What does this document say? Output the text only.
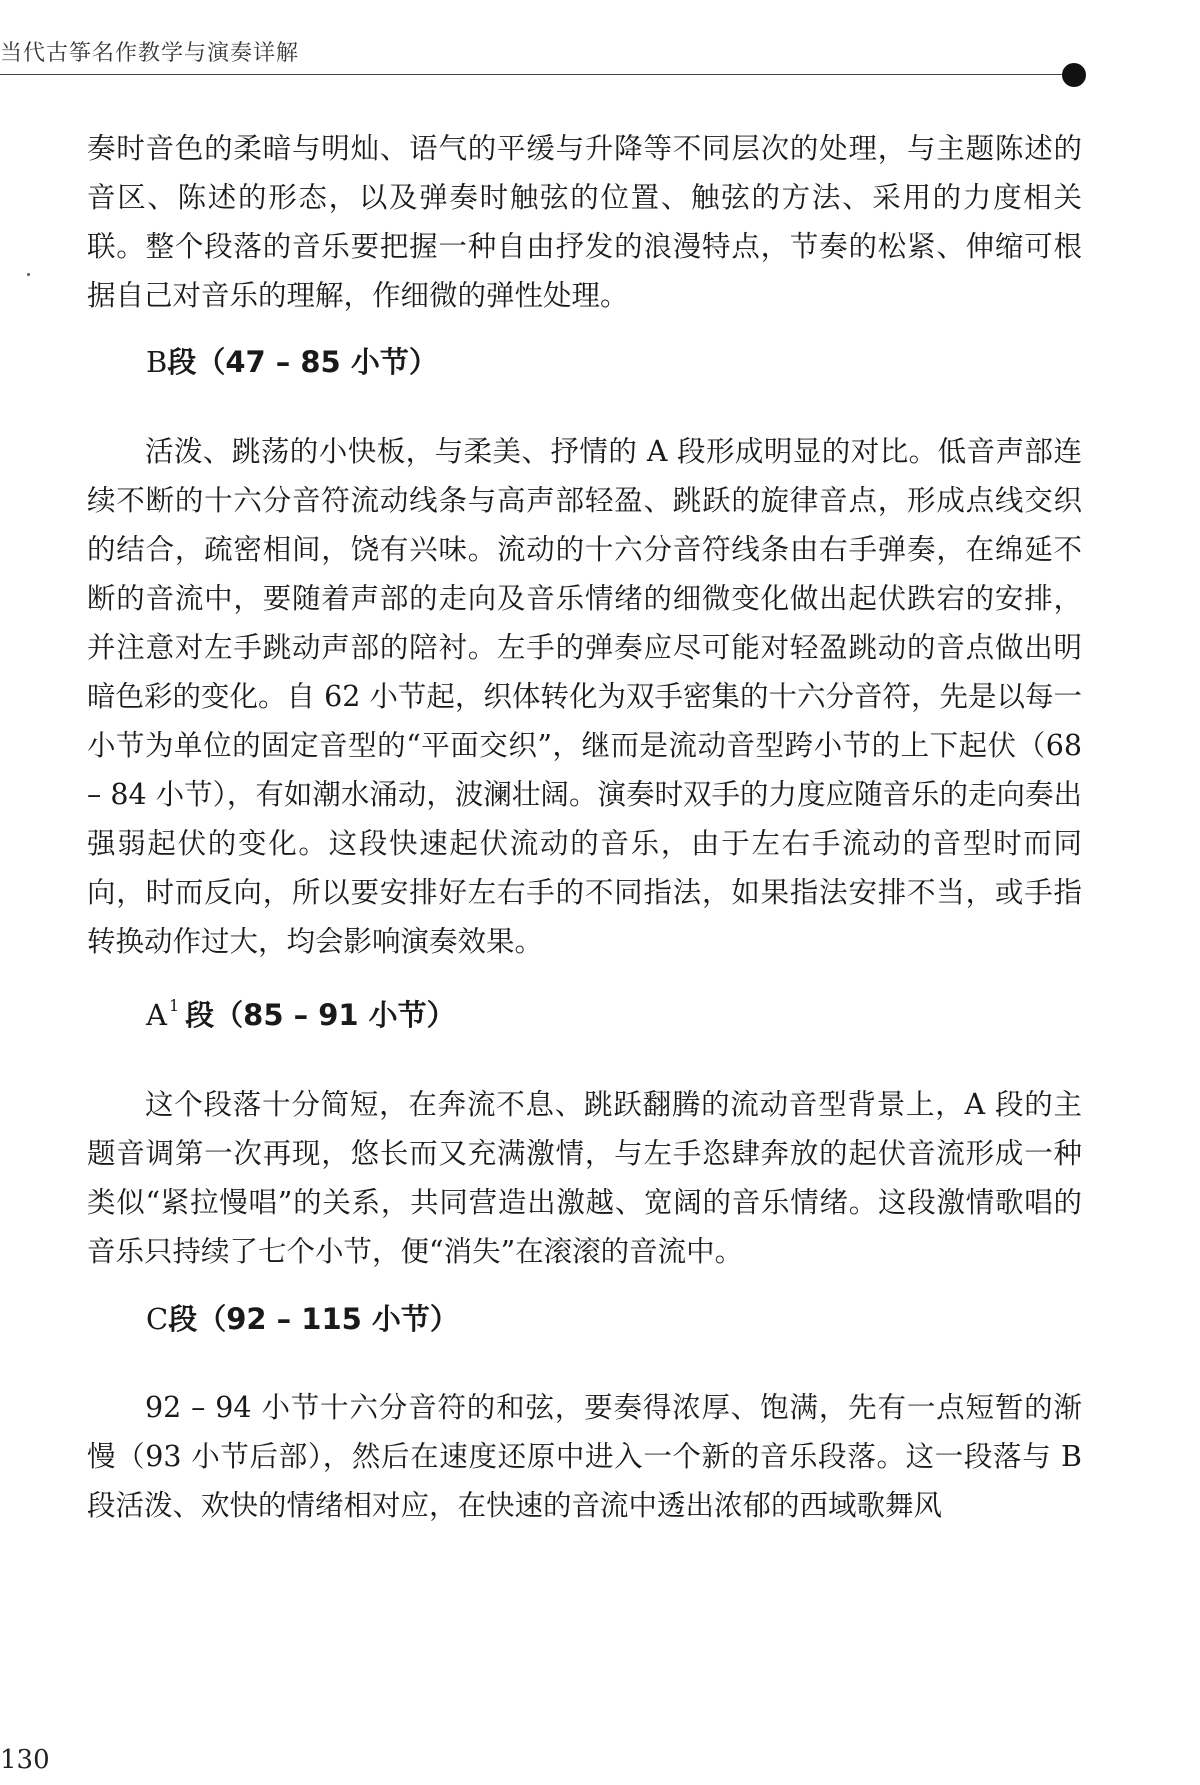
当代古筝名作教学与演奏详解

奏时音色的柔暗与明灿、语气的平缓与升降等不同层次的处理，与主题陈述的音区、陈述的形态，以及弹奏时触弦的位置、触弦的方法、采用的力度相关联。整个段落的音乐要把握一种自由抒发的浪漫特点，节奏的松紧、伸缩可根据自己对音乐的理解，作细微的弹性处理。

B段（47 – 85 小节）

活泼、跳荡的小快板，与柔美、抒情的 A 段形成明显的对比。低音声部连续不断的十六分音符流动线条与高声部轻盈、跳跃的旋律音点，形成点线交织的结合，疏密相间，饶有兴味。流动的十六分音符线条由右手弹奏，在绵延不断的音流中，要随着声部的走向及音乐情绪的细微变化做出起伏跌宕的安排，并注意对左手跳动声部的陪衬。左手的弹奏应尽可能对轻盈跳动的音点做出明暗色彩的变化。自 62 小节起，织体转化为双手密集的十六分音符，先是以每一小节为单位的固定音型的“平面交织”，继而是流动音型跨小节的上下起伏（68 – 84 小节），有如潮水涌动，波澜壮阔。演奏时双手的力度应随音乐的走向奏出强弱起伏的变化。这段快速起伏流动的音乐，由于左右手流动的音型时而同向，时而反向，所以要安排好左右手的不同指法，如果指法安排不当，或手指转换动作过大，均会影响演奏效果。

A $^1$ 段（85 – 91 小节）

这个段落十分简短，在奔流不息、跳跃翻腾的流动音型背景上，A 段的主题音调第一次再现，悠长而又充满激情，与左手恣肆奔放的起伏音流形成一种类似“紧拉慢唱”的关系，共同营造出激越、宽阔的音乐情绪。这段激情歌唱的音乐只持续了七个小节，便“消失”在滚滚的音流中。

C段（92 – 115 小节）

92 – 94 小节十六分音符的和弦，要奏得浓厚、饱满，先有一点短暂的渐慢（93 小节后部），然后在速度还原中进入一个新的音乐段落。这一段落与 B 段活泼、欢快的情绪相对应，在快速的音流中透出浓郁的西域歌舞风

130
